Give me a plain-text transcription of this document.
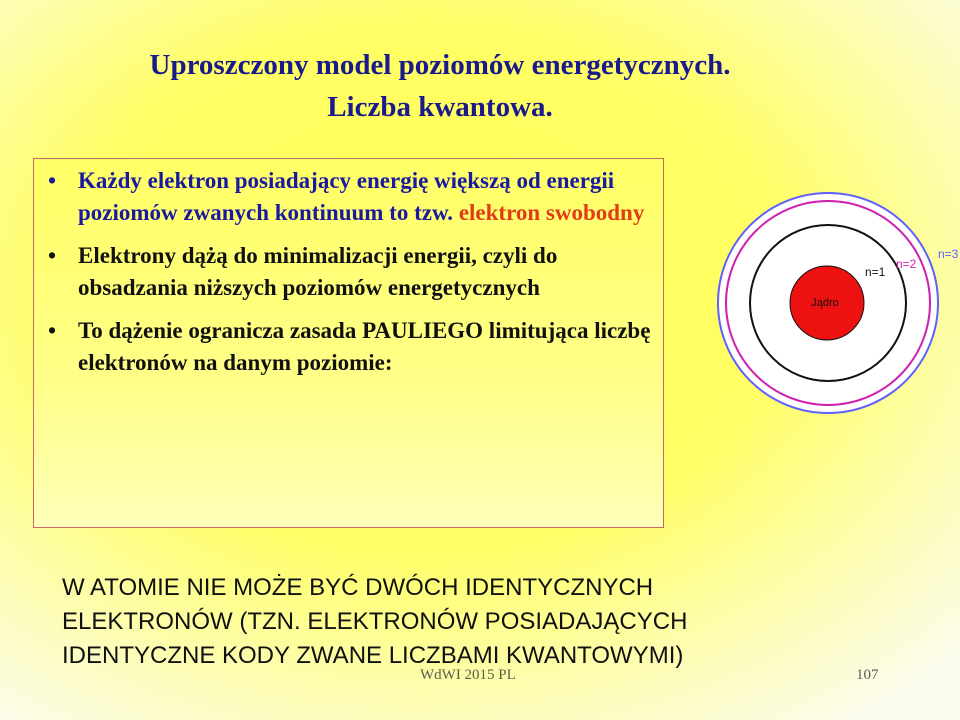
Uproszczony model poziomów energetycznych.
Liczba kwantowa.
• Każdy elektron posiadający energię większą od energii poziomów zwanych kontinuum to tzw. elektron swobodny
• Elektrony dążą do minimalizacji energii, czyli do obsadzania niższych poziomów energetycznych
• To dążenie ogranicza zasada PAULIEGO limitująca liczbę elektronów na danym poziomie:
Jądro
n=1
n=2
n=3
W ATOMIE NIE MOŻE BYĆ DWÓCH IDENTYCZNYCH
ELEKTRONÓW (TZN. ELEKTRONÓW POSIADAJĄCYCH
IDENTYCZNE KODY ZWANE LICZBAMI KWANTOWYMI)
WdWI 2015 PL	107
